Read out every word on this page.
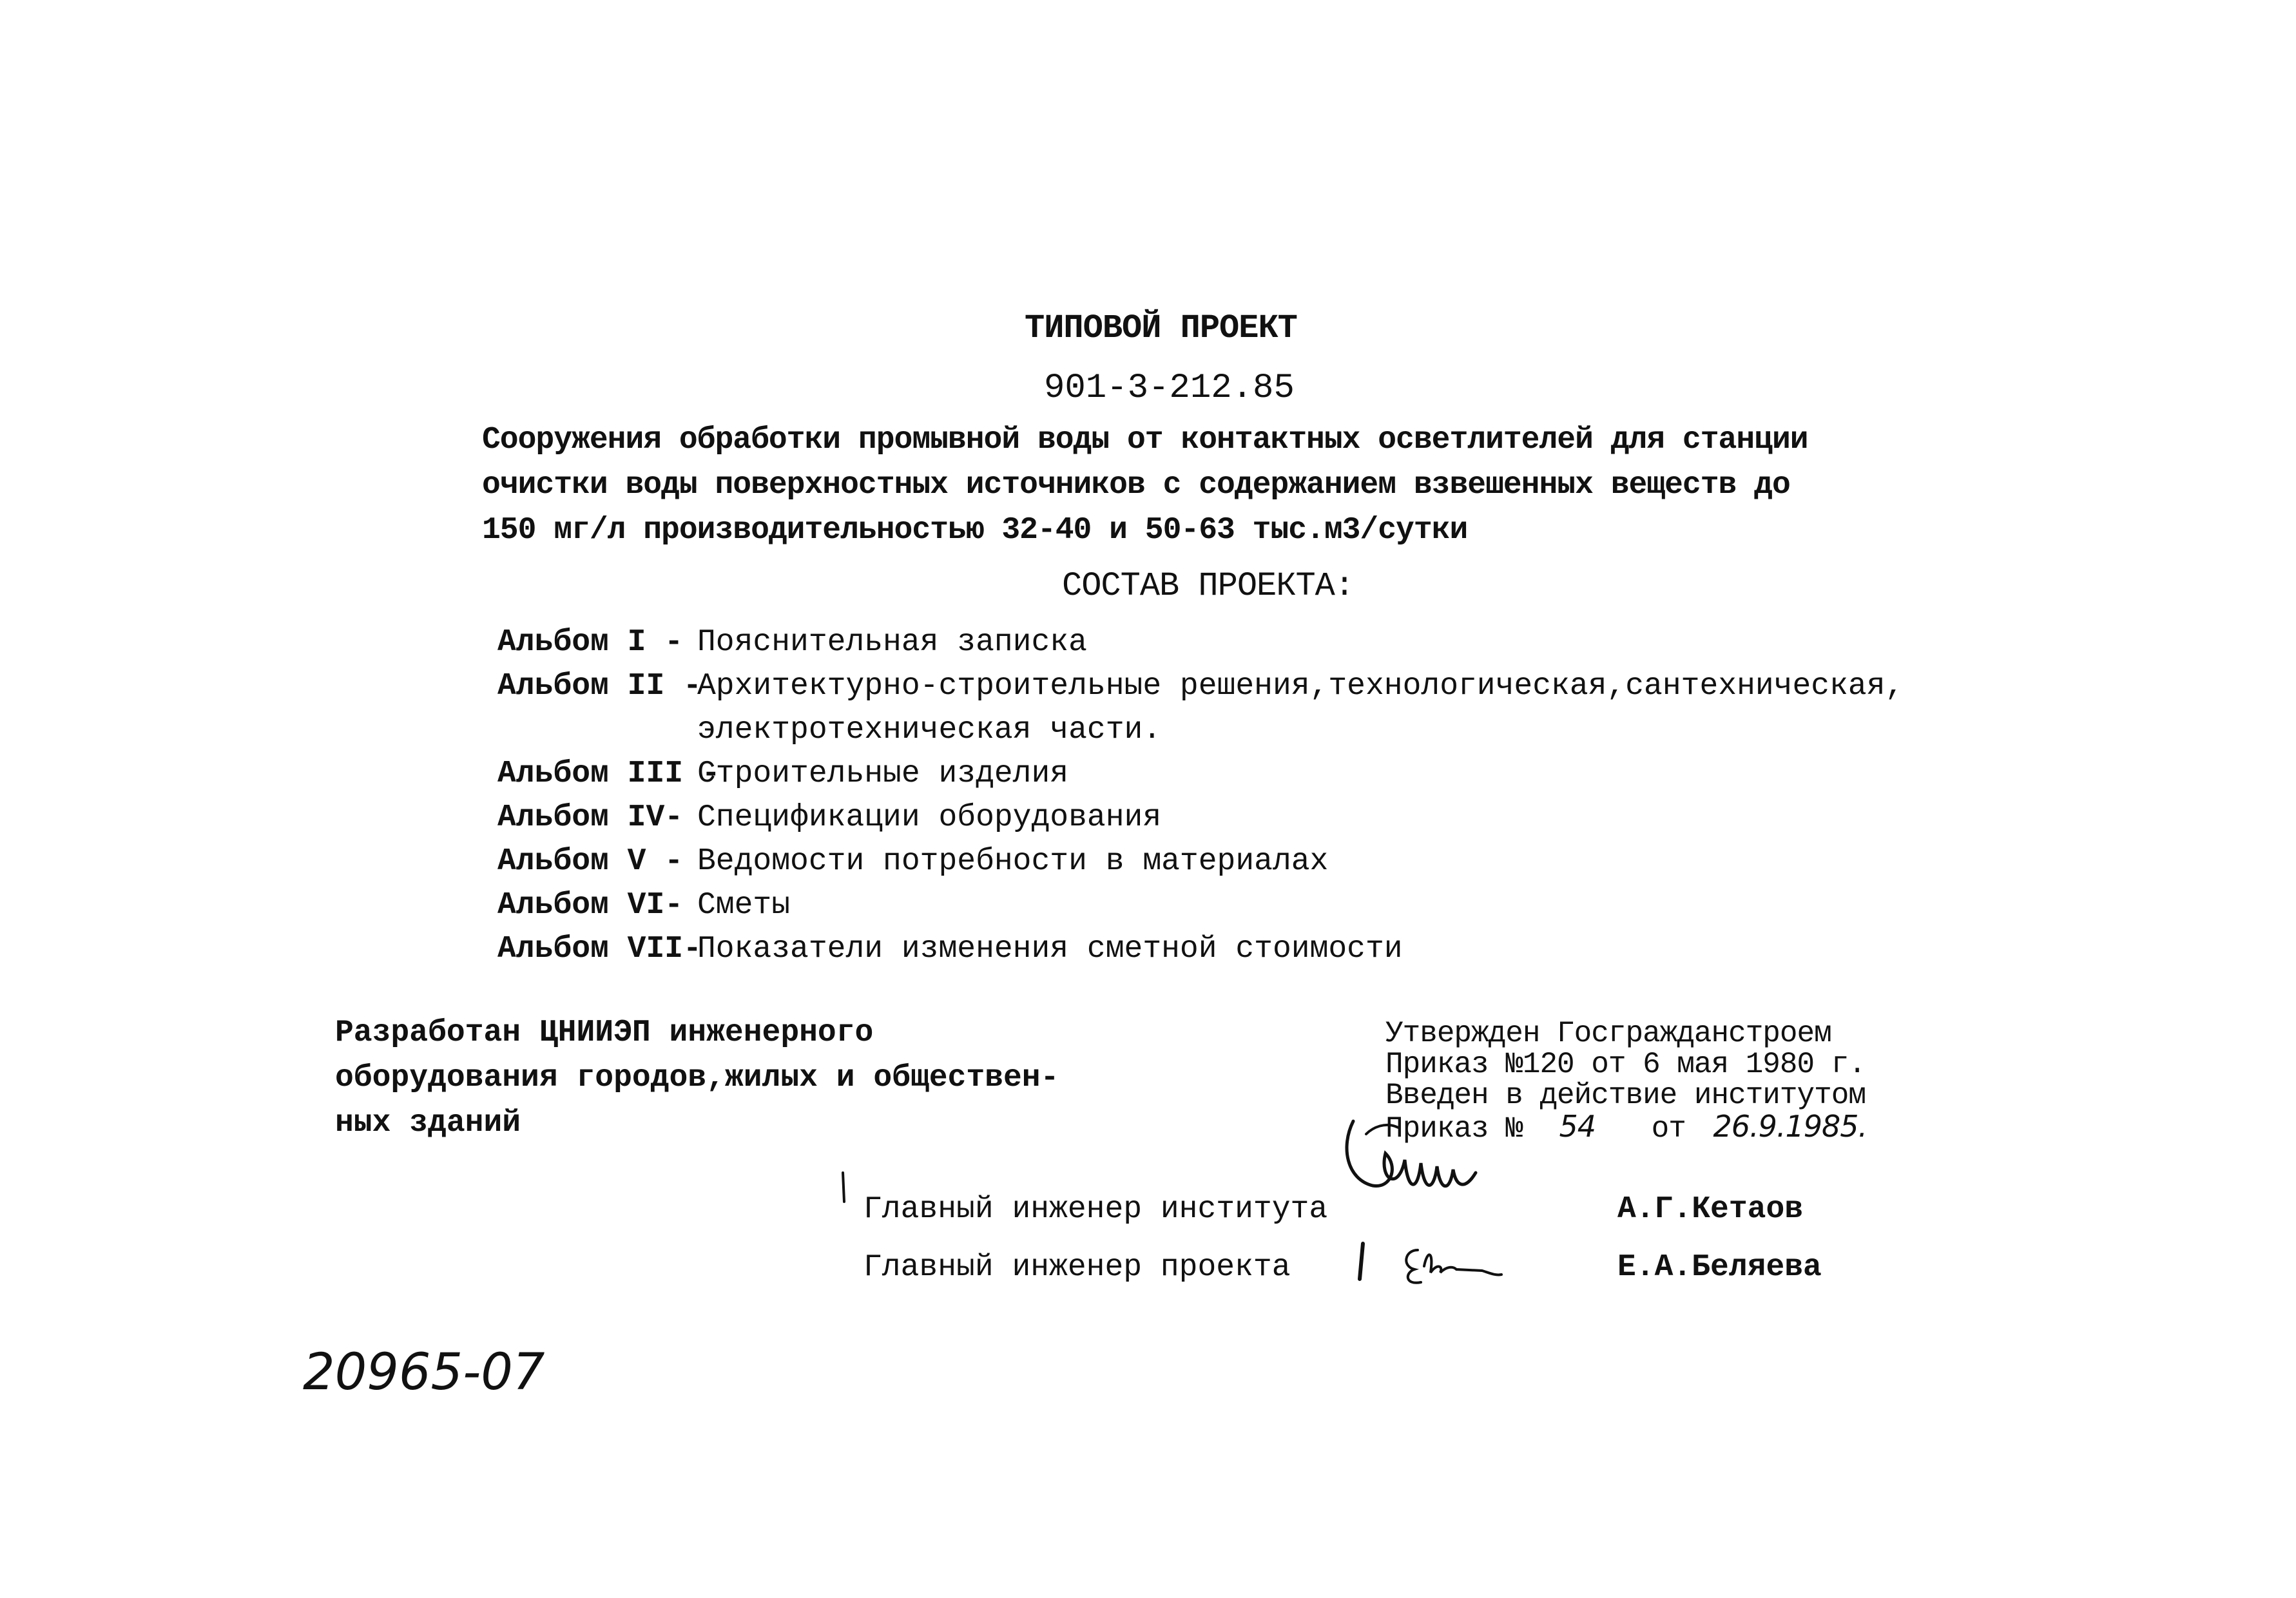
ТИПОВОЙ ПРОЕКТ
901-3-212.85
Сооружения обработки промывной воды от контактных осветлителей для станции
очистки воды поверхностных источников с содержанием взвешенных веществ до
150 мг/л производительностью 32-40 и 50-63 тыс.м3/сутки
СОСТАВ ПРОЕКТА:
Альбом I - Пояснительная записка
Альбом II -
Архитектурно-строительные решения,технологическая,сантехническая,
электротехническая части.
Альбом III -
Строительные изделия
Альбом IV- Спецификации оборудования
Альбом V - Ведомости потребности в материалах
Альбом VI- Сметы
Альбом VII-
Показатели изменения сметной стоимости
Разработан ЦНИИЭП инженерного
оборудования городов,жилых и обществен-
ных зданий
Утвержден Госгражданстроем
Приказ №120 от 6 мая 1980 г.
Введен в действие институтом
Приказ № 54 от 26.9.1985.
Главный инженер института	А.Г.Кетаов
Главный инженер проекта	Е.А.Беляева
20965-07
